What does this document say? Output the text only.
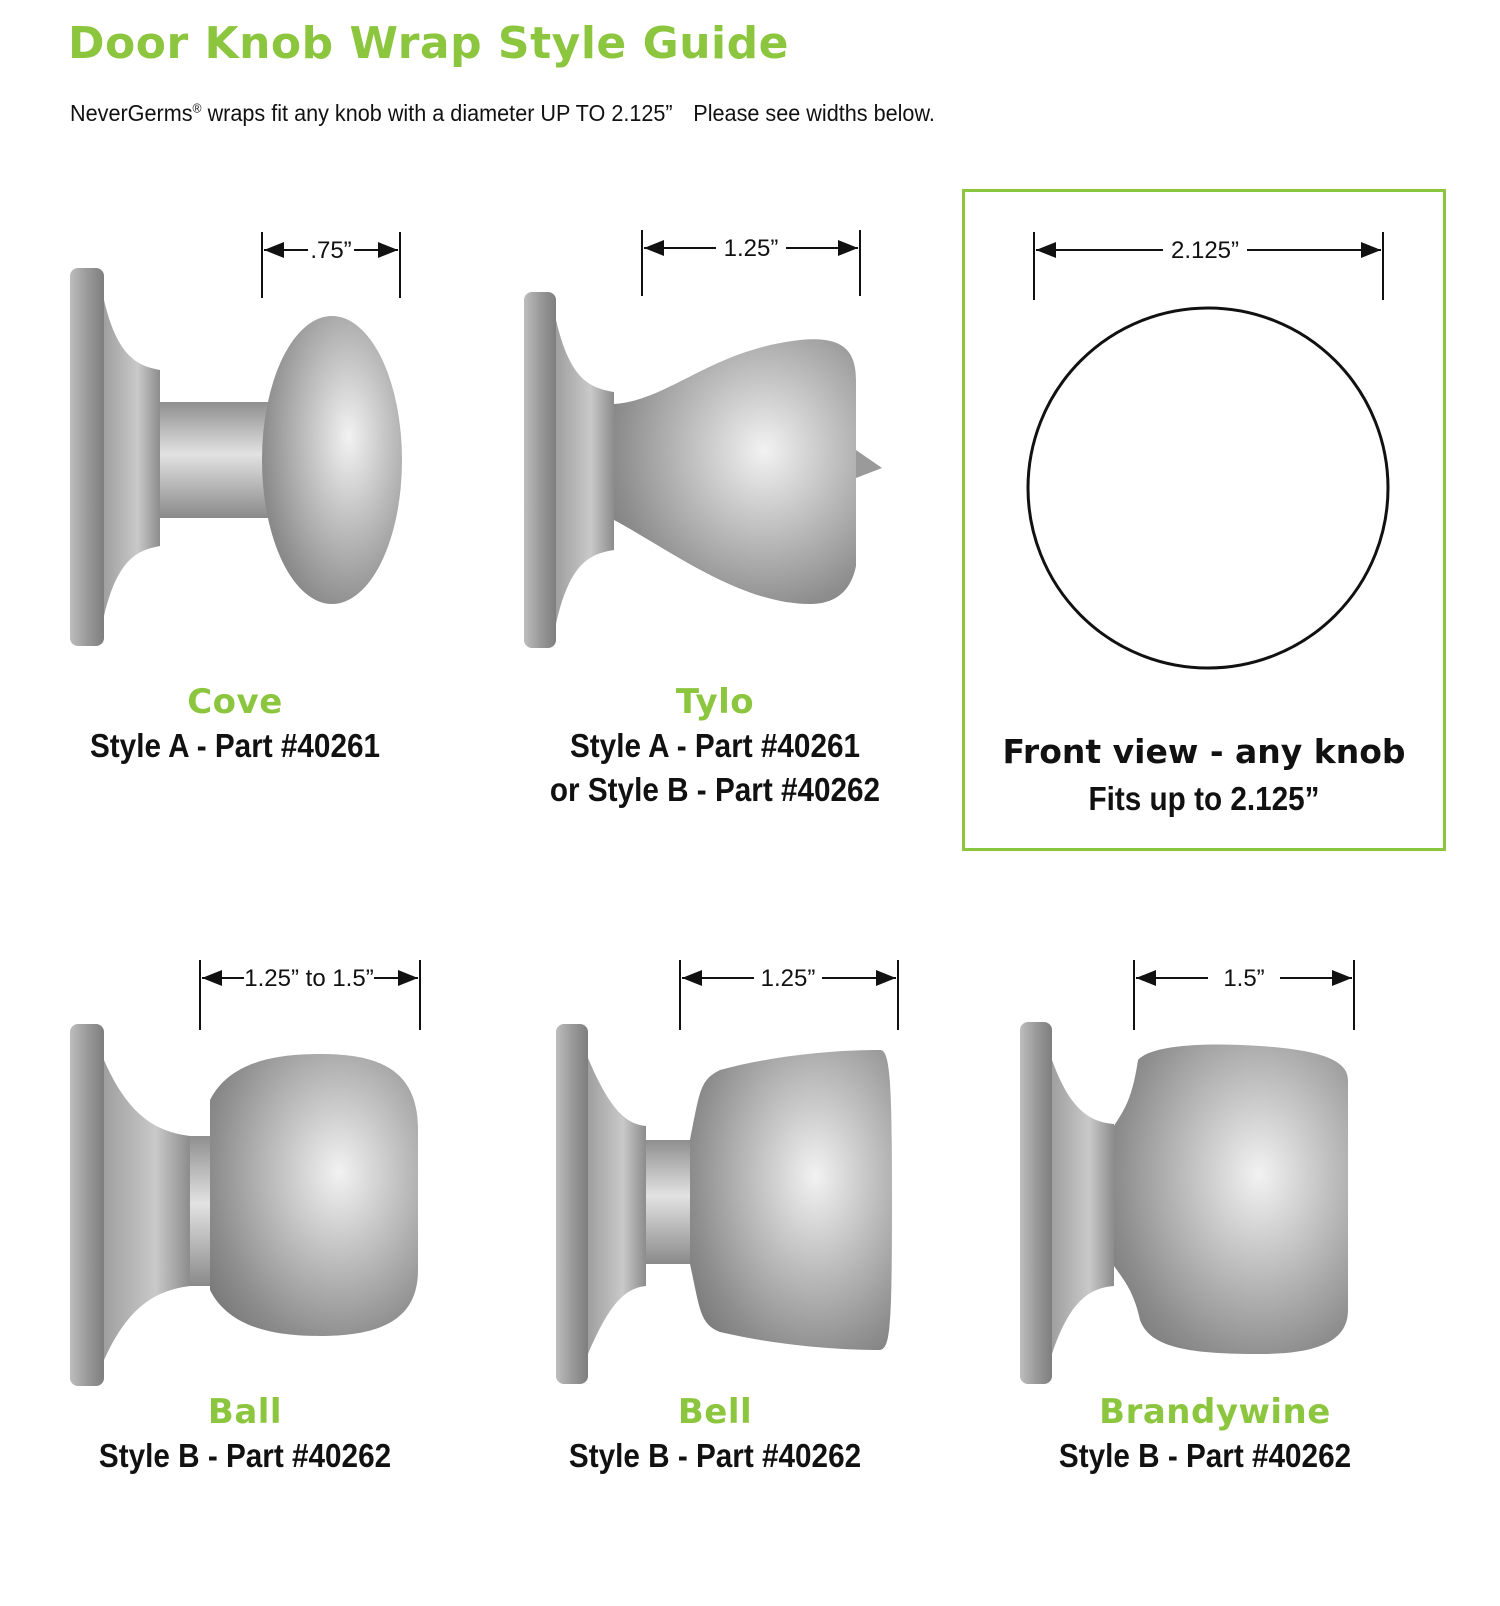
Door Knob Wrap Style Guide
NeverGerms® wraps fit any knob with a diameter UP TO 2.125” Please see widths below.
.75”
Cove
Style A - Part #40261
1.25”
Tylo
Style A - Part #40261
or Style B - Part #40262
2.125”
Front view - any knob
Fits up to 2.125”
1.25” to 1.5”
Ball
Style B - Part #40262
1.25”
Bell
Style B - Part #40262
1.5”
Brandywine
Style B - Part #40262
